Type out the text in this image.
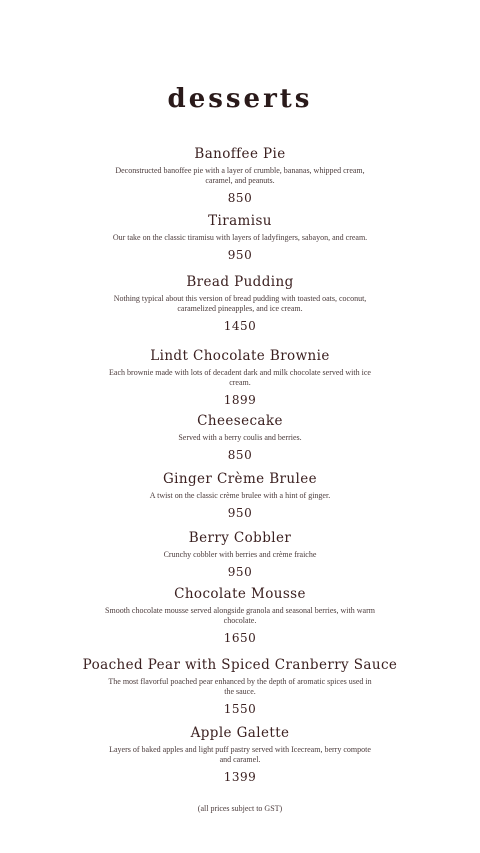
desserts
Banoffee Pie
Deconstructed banoffee pie with a layer of crumble, bananas, whipped cream, caramel, and peanuts.
850
Tiramisu
Our take on the classic tiramisu with layers of ladyfingers, sabayon, and cream.
950
Bread Pudding
Nothing typical about this version of bread pudding with toasted oats, coconut, caramelized pineapples, and ice cream.
1450
Lindt Chocolate Brownie
Each brownie made with lots of decadent dark and milk chocolate served with ice cream.
1899
Cheesecake
Served with a berry coulis and berries.
850
Ginger Crème Brulee
A twist on the classic crème brulee with a hint of ginger.
950
Berry Cobbler
Crunchy cobbler with berries and crème fraiche
950
Chocolate Mousse
Smooth chocolate mousse served alongside granola and seasonal berries, with warm chocolate.
1650
Poached Pear with Spiced Cranberry Sauce
The most flavorful poached pear enhanced by the depth of aromatic spices used in the sauce.
1550
Apple Galette
Layers of baked apples and light puff pastry served with Icecream, berry compote and caramel.
1399
(all prices subject to GST)
